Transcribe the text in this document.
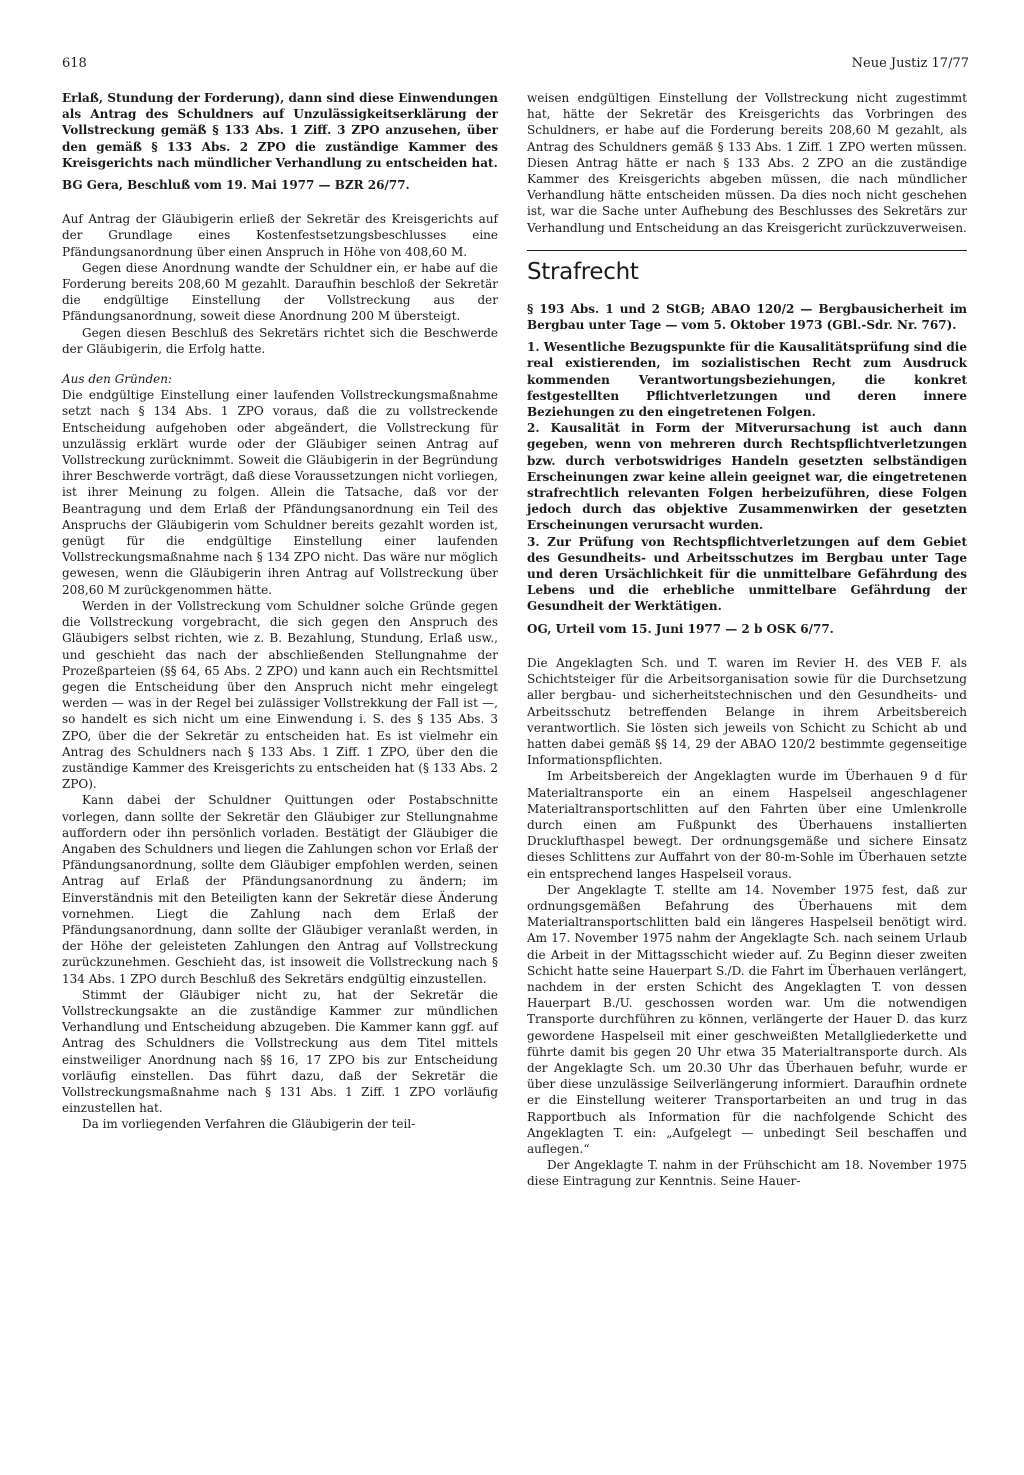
618	Neue Justiz 17/77

Erlaß, Stundung der Forderung), dann sind diese Einwendungen als Antrag des Schuldners auf Unzulässigkeitserklärung der Vollstreckung gemäß § 133 Abs. 1 Ziff. 3 ZPO anzusehen, über den gemäß § 133 Abs. 2 ZPO die zuständige Kammer des Kreisgerichts nach mündlicher Verhandlung zu entscheiden hat.

BG Gera, Beschluß vom 19. Mai 1977 — BZR 26/77.

Auf Antrag der Gläubigerin erließ der Sekretär des Kreisgerichts auf der Grundlage eines Kostenfestsetzungsbeschlusses eine Pfändungsanordnung über einen Anspruch in Höhe von 408,60 M.

Gegen diese Anordnung wandte der Schuldner ein, er habe auf die Forderung bereits 208,60 M gezahlt. Daraufhin beschloß der Sekretär die endgültige Einstellung der Vollstreckung aus der Pfändungsanordnung, soweit diese Anordnung 200 M übersteigt.

Gegen diesen Beschluß des Sekretärs richtet sich die Beschwerde der Gläubigerin, die Erfolg hatte.

Aus den Gründen:

Die endgültige Einstellung einer laufenden Vollstreckungsmaßnahme setzt nach § 134 Abs. 1 ZPO voraus, daß die zu vollstreckende Entscheidung aufgehoben oder abgeändert, die Vollstreckung für unzulässig erklärt wurde oder der Gläubiger seinen Antrag auf Vollstreckung zurücknimmt. Soweit die Gläubigerin in der Begründung ihrer Beschwerde vorträgt, daß diese Voraussetzungen nicht vorliegen, ist ihrer Meinung zu folgen. Allein die Tatsache, daß vor der Beantragung und dem Erlaß der Pfändungsanordnung ein Teil des Anspruchs der Gläubigerin vom Schuldner bereits gezahlt worden ist, genügt für die endgültige Einstellung einer laufenden Vollstreckungsmaßnahme nach § 134 ZPO nicht. Das wäre nur möglich gewesen, wenn die Gläubigerin ihren Antrag auf Vollstreckung über 208,60 M zurückgenommen hätte.

Werden in der Vollstreckung vom Schuldner solche Gründe gegen die Vollstreckung vorgebracht, die sich gegen den Anspruch des Gläubigers selbst richten, wie z. B. Bezahlung, Stundung, Erlaß usw., und geschieht das nach der abschließenden Stellungnahme der Prozeßparteien (§§ 64, 65 Abs. 2 ZPO) und kann auch ein Rechtsmittel gegen die Entscheidung über den Anspruch nicht mehr eingelegt werden — was in der Regel bei zulässiger Vollstrekkung der Fall ist —, so handelt es sich nicht um eine Einwendung i. S. des § 135 Abs. 3 ZPO, über die der Sekretär zu entscheiden hat. Es ist vielmehr ein Antrag des Schuldners nach § 133 Abs. 1 Ziff. 1 ZPO, über den die zuständige Kammer des Kreisgerichts zu entscheiden hat (§ 133 Abs. 2 ZPO).

Kann dabei der Schuldner Quittungen oder Postabschnitte vorlegen, dann sollte der Sekretär den Gläubiger zur Stellungnahme auffordern oder ihn persönlich vorladen. Bestätigt der Gläubiger die Angaben des Schuldners und liegen die Zahlungen schon vor Erlaß der Pfändungsanordnung, sollte dem Gläubiger empfohlen werden, seinen Antrag auf Erlaß der Pfändungsanordnung zu ändern; im Einverständnis mit den Beteiligten kann der Sekretär diese Änderung vornehmen. Liegt die Zahlung nach dem Erlaß der Pfändungsanordnung, dann sollte der Gläubiger veranlaßt werden, in der Höhe der geleisteten Zahlungen den Antrag auf Vollstreckung zurückzunehmen. Geschieht das, ist insoweit die Vollstreckung nach § 134 Abs. 1 ZPO durch Beschluß des Sekretärs endgültig einzustellen.

Stimmt der Gläubiger nicht zu, hat der Sekretär die Vollstreckungsakte an die zuständige Kammer zur mündlichen Verhandlung und Entscheidung abzugeben. Die Kammer kann ggf. auf Antrag des Schuldners die Vollstreckung aus dem Titel mittels einstweiliger Anordnung nach §§ 16, 17 ZPO bis zur Entscheidung vorläufig einstellen. Das führt dazu, daß der Sekretär die Vollstreckungsmaßnahme nach § 131 Abs. 1 Ziff. 1 ZPO vorläufig einzustellen hat.

Da im vorliegenden Verfahren die Gläubigerin der teil-

weisen endgültigen Einstellung der Vollstreckung nicht zugestimmt hat, hätte der Sekretär des Kreisgerichts das Vorbringen des Schuldners, er habe auf die Forderung bereits 208,60 M gezahlt, als Antrag des Schuldners gemäß § 133 Abs. 1 Ziff. 1 ZPO werten müssen. Diesen Antrag hätte er nach § 133 Abs. 2 ZPO an die zuständige Kammer des Kreisgerichts abgeben müssen, die nach mündlicher Verhandlung hätte entscheiden müssen. Da dies noch nicht geschehen ist, war die Sache unter Aufhebung des Beschlusses des Sekretärs zur Verhandlung und Entscheidung an das Kreisgericht zurückzuverweisen.

Strafrecht

§ 193 Abs. 1 und 2 StGB; ABAO 120/2 — Bergbausicherheit im Bergbau unter Tage — vom 5. Oktober 1973 (GBl.-Sdr. Nr. 767).

1. Wesentliche Bezugspunkte für die Kausalitätsprüfung sind die real existierenden, im sozialistischen Recht zum Ausdruck kommenden Verantwortungsbeziehungen, die konkret festgestellten Pflichtverletzungen und deren innere Beziehungen zu den eingetretenen Folgen.

2. Kausalität in Form der Mitverursachung ist auch dann gegeben, wenn von mehreren durch Rechtspflichtverletzungen bzw. durch verbotswidriges Handeln gesetzten selbständigen Erscheinungen zwar keine allein geeignet war, die eingetretenen strafrechtlich relevanten Folgen herbeizuführen, diese Folgen jedoch durch das objektive Zusammenwirken der gesetzten Erscheinungen verursacht wurden.

3. Zur Prüfung von Rechtspflichtverletzungen auf dem Gebiet des Gesundheits- und Arbeitsschutzes im Bergbau unter Tage und deren Ursächlichkeit für die unmittelbare Gefährdung des Lebens und die erhebliche unmittelbare Gefährdung der Gesundheit der Werktätigen.

OG, Urteil vom 15. Juni 1977 — 2 b OSK 6/77.

Die Angeklagten Sch. und T. waren im Revier H. des VEB F. als Schichtsteiger für die Arbeitsorganisation sowie für die Durchsetzung aller bergbau- und sicherheitstechnischen und den Gesundheits- und Arbeitsschutz betreffenden Belange in ihrem Arbeitsbereich verantwortlich. Sie lösten sich jeweils von Schicht zu Schicht ab und hatten dabei gemäß §§ 14, 29 der ABAO 120/2 bestimmte gegenseitige Informationspflichten.

Im Arbeitsbereich der Angeklagten wurde im Überhauen 9 d für Materialtransporte ein an einem Haspelseil angeschlagener Materialtransportschlitten auf den Fahrten über eine Umlenkrolle durch einen am Fußpunkt des Überhauens installierten Drucklufthaspel bewegt. Der ordnungsgemäße und sichere Einsatz dieses Schlittens zur Auffahrt von der 80-m-Sohle im Überhauen setzte ein entsprechend langes Haspelseil voraus.

Der Angeklagte T. stellte am 14. November 1975 fest, daß zur ordnungsgemäßen Befahrung des Überhauens mit dem Materialtransportschlitten bald ein längeres Haspelseil benötigt wird. Am 17. November 1975 nahm der Angeklagte Sch. nach seinem Urlaub die Arbeit in der Mittagsschicht wieder auf. Zu Beginn dieser zweiten Schicht hatte seine Hauerpart S./D. die Fahrt im Überhauen verlängert, nachdem in der ersten Schicht des Angeklagten T. von dessen Hauerpart B./U. geschossen worden war. Um die notwendigen Transporte durchführen zu können, verlängerte der Hauer D. das kurz gewordene Haspelseil mit einer geschweißten Metallgliederkette und führte damit bis gegen 20 Uhr etwa 35 Materialtransporte durch. Als der Angeklagte Sch. um 20.30 Uhr das Überhauen befuhr, wurde er über diese unzulässige Seilverlängerung informiert. Daraufhin ordnete er die Einstellung weiterer Transportarbeiten an und trug in das Rapportbuch als Information für die nachfolgende Schicht des Angeklagten T. ein: „Aufgelegt — unbedingt Seil beschaffen und auflegen.“

Der Angeklagte T. nahm in der Frühschicht am 18. November 1975 diese Eintragung zur Kenntnis. Seine Hauer-
